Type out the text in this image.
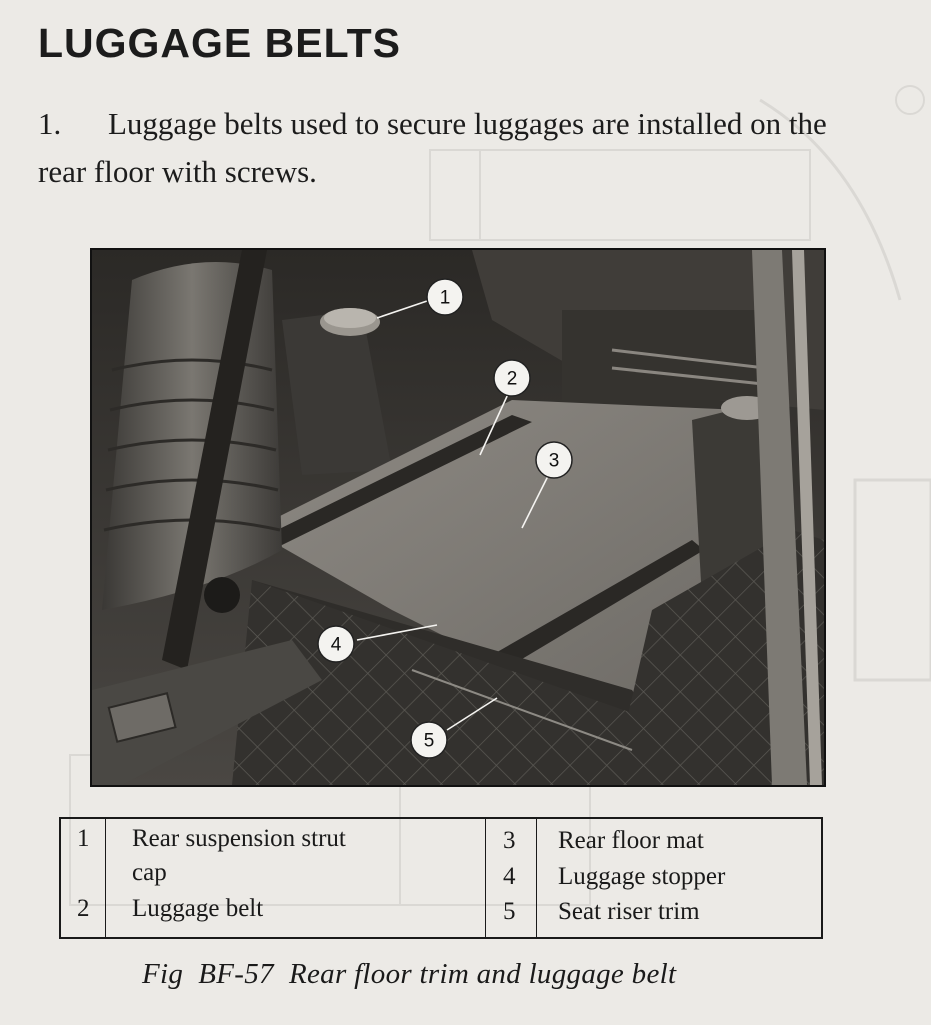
LUGGAGE BELTS

1. Luggage belts used to secure luggages are installed on the rear floor with screws.

1
2
3
4
5
1 Rear suspension strut
cap
2 Luggage belt
3 Rear floor mat
4 Luggage stopper
5 Seat riser trim

Fig  BF-57  Rear floor trim and luggage belt
